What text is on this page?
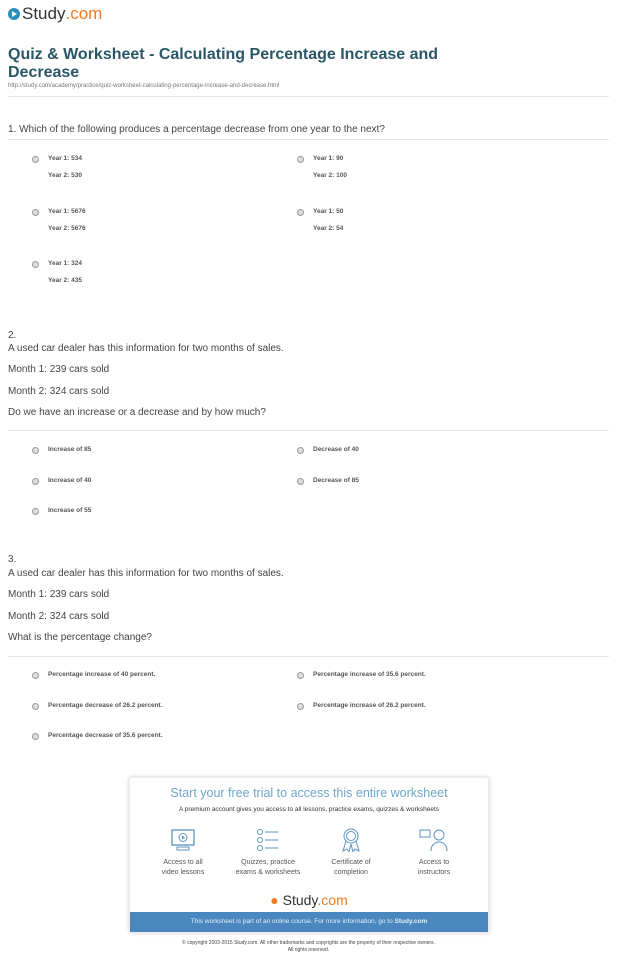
Study .com
Quiz & Worksheet - Calculating Percentage Increase and Decrease
http://study.com/academy/practice/quiz-worksheet-calculating-percentage-increase-and-decrease.html
1. Which of the following produces a percentage decrease from one year to the next?
Start your free trial to access this entire worksheet
A premium account gives you access to all lessons, practice exams, quizzes & worksheets
Access to all
video lessons
Quizzes, practice
exams & worksheets
Certificate of
completion
Access to
instructors
● Study.com
This worksheet is part of an online course. For more information, go to Study.com
© copyright 2003-2015 Study.com. All other trademarks and copyrights are the property of their respective owners.
All rights reserved.
Year 1: 534
Year 2: 530
Year 1: 90
Year 2: 100
Year 1: 5676
Year 2: 5676
Year 1: 50
Year 2: 54
Year 1: 324
Year 2: 435
2.
A used car dealer has this information for two months of sales.
Month 1: 239 cars sold
Month 2: 324 cars sold
Do we have an increase or a decrease and by how much?
Increase of 85	Decrease of 40
Increase of 40	Decrease of 85
Increase of 55
3.
A used car dealer has this information for two months of sales.
Month 1: 239 cars sold
Month 2: 324 cars sold
What is the percentage change?
Percentage increase of 40 percent.	Percentage increase of 35.6 percent.
Percentage decrease of 26.2 percent.	Percentage increase of 26.2 percent.
Percentage decrease of 35.6 percent.
